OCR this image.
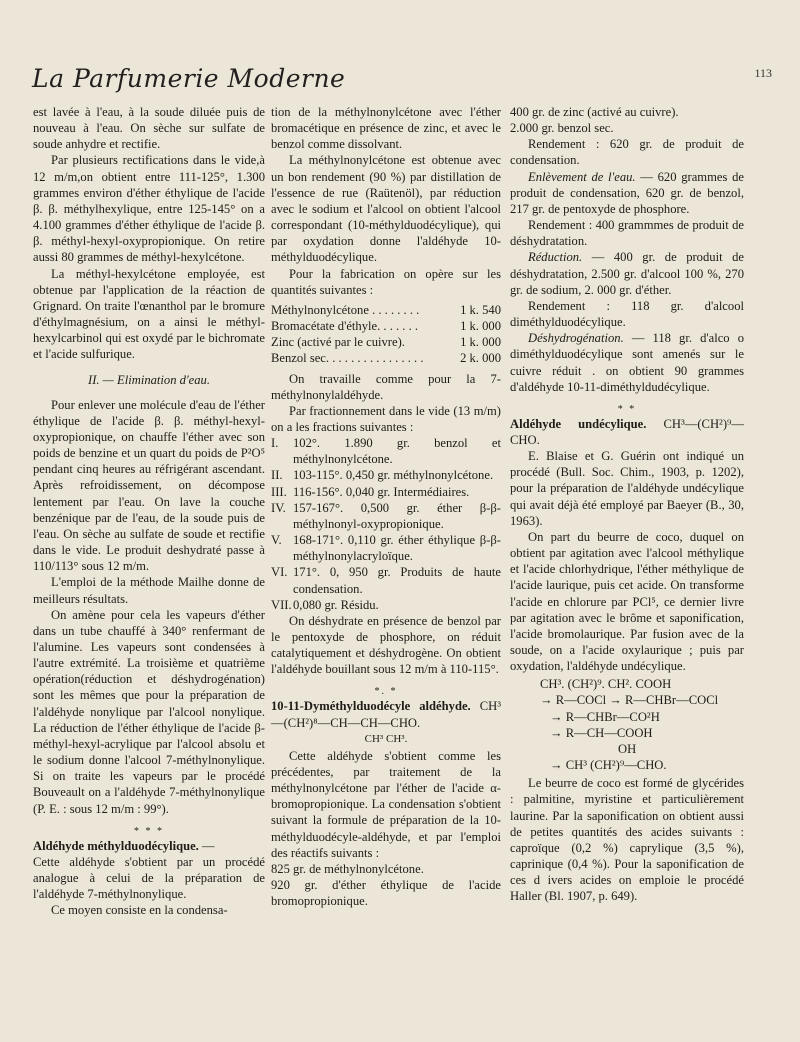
La Parfumerie Moderne	113

est lavée à l'eau, à la soude diluée puis de nouveau à l'eau. On sèche sur sulfate de soude anhydre et rectifie.

Par plusieurs rectifications dans le vide,à 12 m/m,on obtient entre 111-125°, 1.300 grammes environ d'éther éthylique de l'acide β. β. méthylhexylique, entre 125-145° on a 4.100 grammes d'éther éthylique de l'acide β. β. méthyl-hexyl-oxypropionique. On retire aussi 80 grammes de méthyl-hexylcétone.

La méthyl-hexylcétone employée, est obtenue par l'application de la réaction de Grignard. On traite l'œnanthol par le bromure d'éthylmagnésium, on a ainsi le méthyl-hexylcarbinol qui est oxydé par le bichromate et l'acide sulfurique.

II. — Elimination d'eau.

Pour enlever une molécule d'eau de l'éther éthylique de l'acide β. β. méthyl-hexyl-oxypropionique, on chauffe l'éther avec son poids de benzine et un quart du poids de P²O⁵ pendant cinq heures au réfrigérant ascendant. Après refroidissement, on décompose lentement par l'eau. On lave la couche benzénique par de l'eau, de la soude puis de l'eau. On sèche au sulfate de soude et rectifie dans le vide. Le produit deshydraté passe à 110/113° sous 12 m/m.

L'emploi de la méthode Mailhe donne de meilleurs résultats.

On amène pour cela les vapeurs d'éther dans un tube chauffé à 340° renfermant de l'alumine. Les vapeurs sont condensées à l'autre extrémité. La troisième et quatrième opération(réduction et déshydrogénation) sont les mêmes que pour la préparation de l'aldéhyde nonylique par l'alcool nonylique. La réduction de l'éther éthylique de l'acide β-méthyl-hexyl-acrylique par l'alcool absolu et le sodium donne l'alcool 7-méthylnonylique. Si on traite les vapeurs par le procédé Bouveault on a l'aldéhyde 7-méthylnonylique (P. E. : sous 12 m/m : 99°).

* * *

Aldéhyde méthylduodécylique. —

Cette aldéhyde s'obtient par un procédé analogue à celui de la préparation de l'aldéhyde 7-méthylnonylique.

Ce moyen consiste en la condensa-

tion de la méthylnonylcétone avec l'éther bromacétique en présence de zinc, et avec le benzol comme dissolvant.

La méthylnonylcétone est obtenue avec un bon rendement (90 %) par distillation de l'essence de rue (Raütenöl), par réduction avec le sodium et l'alcool on obtient l'alcool correspondant (10-méthylduodécylique), qui par oxydation donne l'aldéhyde 10-méthylduodécylique.

Pour la fabrication on opère sur les quantités suivantes :

Méthylnonylcétone . . . . . . . .	1 k. 540
Bromacétate d'éthyle. . . . . . .	1 k. 000
Zinc (activé par le cuivre).	1 k. 000
Benzol sec. . . . . . . . . . . . . . . .	2 k. 000

On travaille comme pour la 7-méthylnonylaldéhyde.

Par fractionnement dans le vide (13 m/m) on a les fractions suivantes :

I.	102°. 1.890 gr. benzol et méthylnonylcétone.
II. 103-115°. 0,450 gr. méthylnonylcétone.
III. 116-156°. 0,040 gr. Intermédiaires.
IV. 157-167°. 0,500 gr. éther β-β-méthylnonyl-oxypropionique.
V. 168-171°. 0,110 gr. éther éthylique β-β-méthylnonylacryloïque.
VI. 171°. 0, 950 gr. Produits de haute condensation.
VII. 0,080 gr. Résidu.

On déshydrate en présence de benzol par le pentoxyde de phosphore, on réduit catalytiquement et déshydrogène. On obtient l'aldéhyde bouillant sous 12 m/m à 110-115°.

*. *

10-11-Dyméthylduodécyle aldéhyde. CH³—(CH²)⁸—CH—CH—CHO.

CH³ CH³.

Cette aldéhyde s'obtient comme les précédentes, par traitement de la méthylnonylcétone par l'éther de l'acide α-bromopropionique. La condensation s'obtient suivant la formule de préparation de la 10-méthylduodécyle-aldéhyde, et par l'emploi des réactifs suivants :

825 gr. de méthylnonylcétone.

920 gr. d'éther éthylique de l'acide bromopropionique.

400 gr. de zinc (activé au cuivre).

2.000 gr. benzol sec.

Rendement : 620 gr. de produit de condensation.

Enlèvement de l'eau. — 620 grammes de produit de condensation, 620 gr. de benzol, 217 gr. de pentoxyde de phosphore.

Rendement : 400 grammmes de produit de déshydratation.

Réduction. — 400 gr. de produit de déshydratation, 2.500 gr. d'alcool 100 %, 270 gr. de sodium, 2. 000 gr. d'éther.

Rendement : 118 gr. d'alcool diméthylduodécylique.

Déshydrogénation. — 118 gr. d'alco o diméthylduodécylique sont amenés sur le cuivre réduit . on obtient 90 grammes d'aldéhyde 10-11-diméthyldudécylique.

* *

Aldéhyde undécylique. CH³—(CH²)⁹—CHO.

E. Blaise et G. Guérin ont indiqué un procédé (Bull. Soc. Chim., 1903, p. 1202), pour la préparation de l'aldéhyde undécylique qui avait déjà été employé par Baeyer (B., 30, 1963).

On part du beurre de coco, duquel on obtient par agitation avec l'alcool méthylique et l'acide chlorhydrique, l'éther méthylique de l'acide laurique, puis cet acide. On transforme l'acide en chlorure par PCl⁵, ce dernier livre par agitation avec le brôme et saponification, l'acide bromolaurique. Par fusion avec de la soude, on a l'acide oxylaurique ; puis par oxydation, l'aldéhyde undécylique.

CH³. (CH²)⁹. CH². COOH
→ R—COCl → R—CHBr—COCl
→ R—CHBr—CO²H
→ R—CH—COOH
OH
→ CH³ (CH²)⁹—CHO.

Le beurre de coco est formé de glycérides : palmitine, myristine et particulièrement laurine. Par la saponification on obtient aussi de petites quantités des acides suivants : caproïque (0,2 %) caprylique (3,5 %), caprinique (0,4 %). Pour la saponification de ces d ivers acides on emploie le procédé Haller (Bl. 1907, p. 649).
